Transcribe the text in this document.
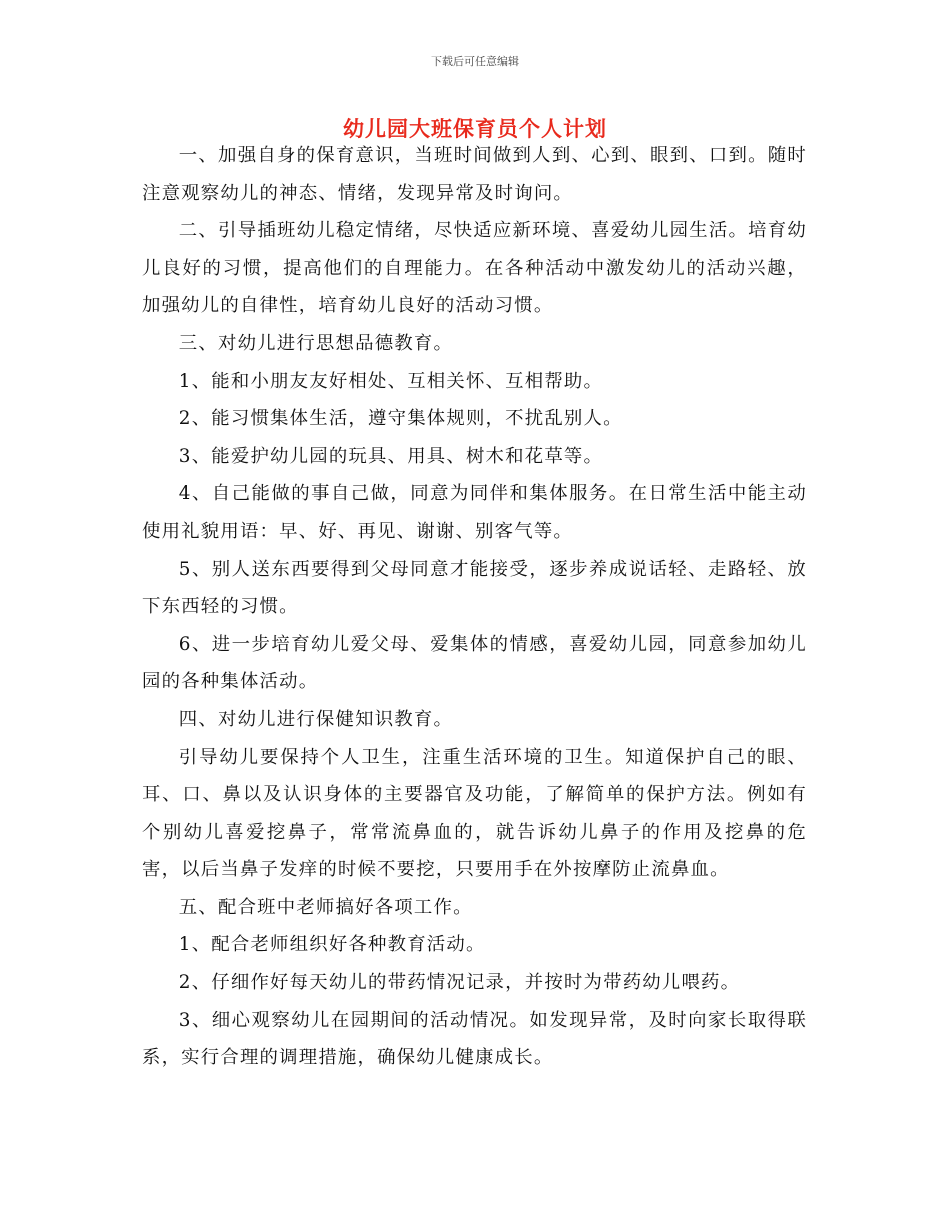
下载后可任意编辑
幼儿园大班保育员个人计划

一、加强自身的保育意识，当班时间做到人到、心到、眼到、口到。随时注意观察幼儿的神态、情绪，发现异常及时询问。

二、引导插班幼儿稳定情绪，尽快适应新环境、喜爱幼儿园生活。培育幼儿良好的习惯，提高他们的自理能力。在各种活动中激发幼儿的活动兴趣，加强幼儿的自律性，培育幼儿良好的活动习惯。

三、对幼儿进行思想品德教育。

1、能和小朋友友好相处、互相关怀、互相帮助。

2、能习惯集体生活，遵守集体规则，不扰乱别人。

3、能爱护幼儿园的玩具、用具、树木和花草等。

4、自己能做的事自己做，同意为同伴和集体服务。在日常生活中能主动使用礼貌用语：早、好、再见、谢谢、别客气等。

5、别人送东西要得到父母同意才能接受，逐步养成说话轻、走路轻、放下东西轻的习惯。

6、进一步培育幼儿爱父母、爱集体的情感，喜爱幼儿园，同意参加幼儿园的各种集体活动。

四、对幼儿进行保健知识教育。

引导幼儿要保持个人卫生，注重生活环境的卫生。知道保护自己的眼、耳、口、鼻以及认识身体的主要器官及功能，了解简单的保护方法。例如有个别幼儿喜爱挖鼻子，常常流鼻血的，就告诉幼儿鼻子的作用及挖鼻的危害，以后当鼻子发痒的时候不要挖，只要用手在外按摩防止流鼻血。

五、配合班中老师搞好各项工作。

1、配合老师组织好各种教育活动。

2、仔细作好每天幼儿的带药情况记录，并按时为带药幼儿喂药。

3、细心观察幼儿在园期间的活动情况。如发现异常，及时向家长取得联系，实行合理的调理措施，确保幼儿健康成长。
